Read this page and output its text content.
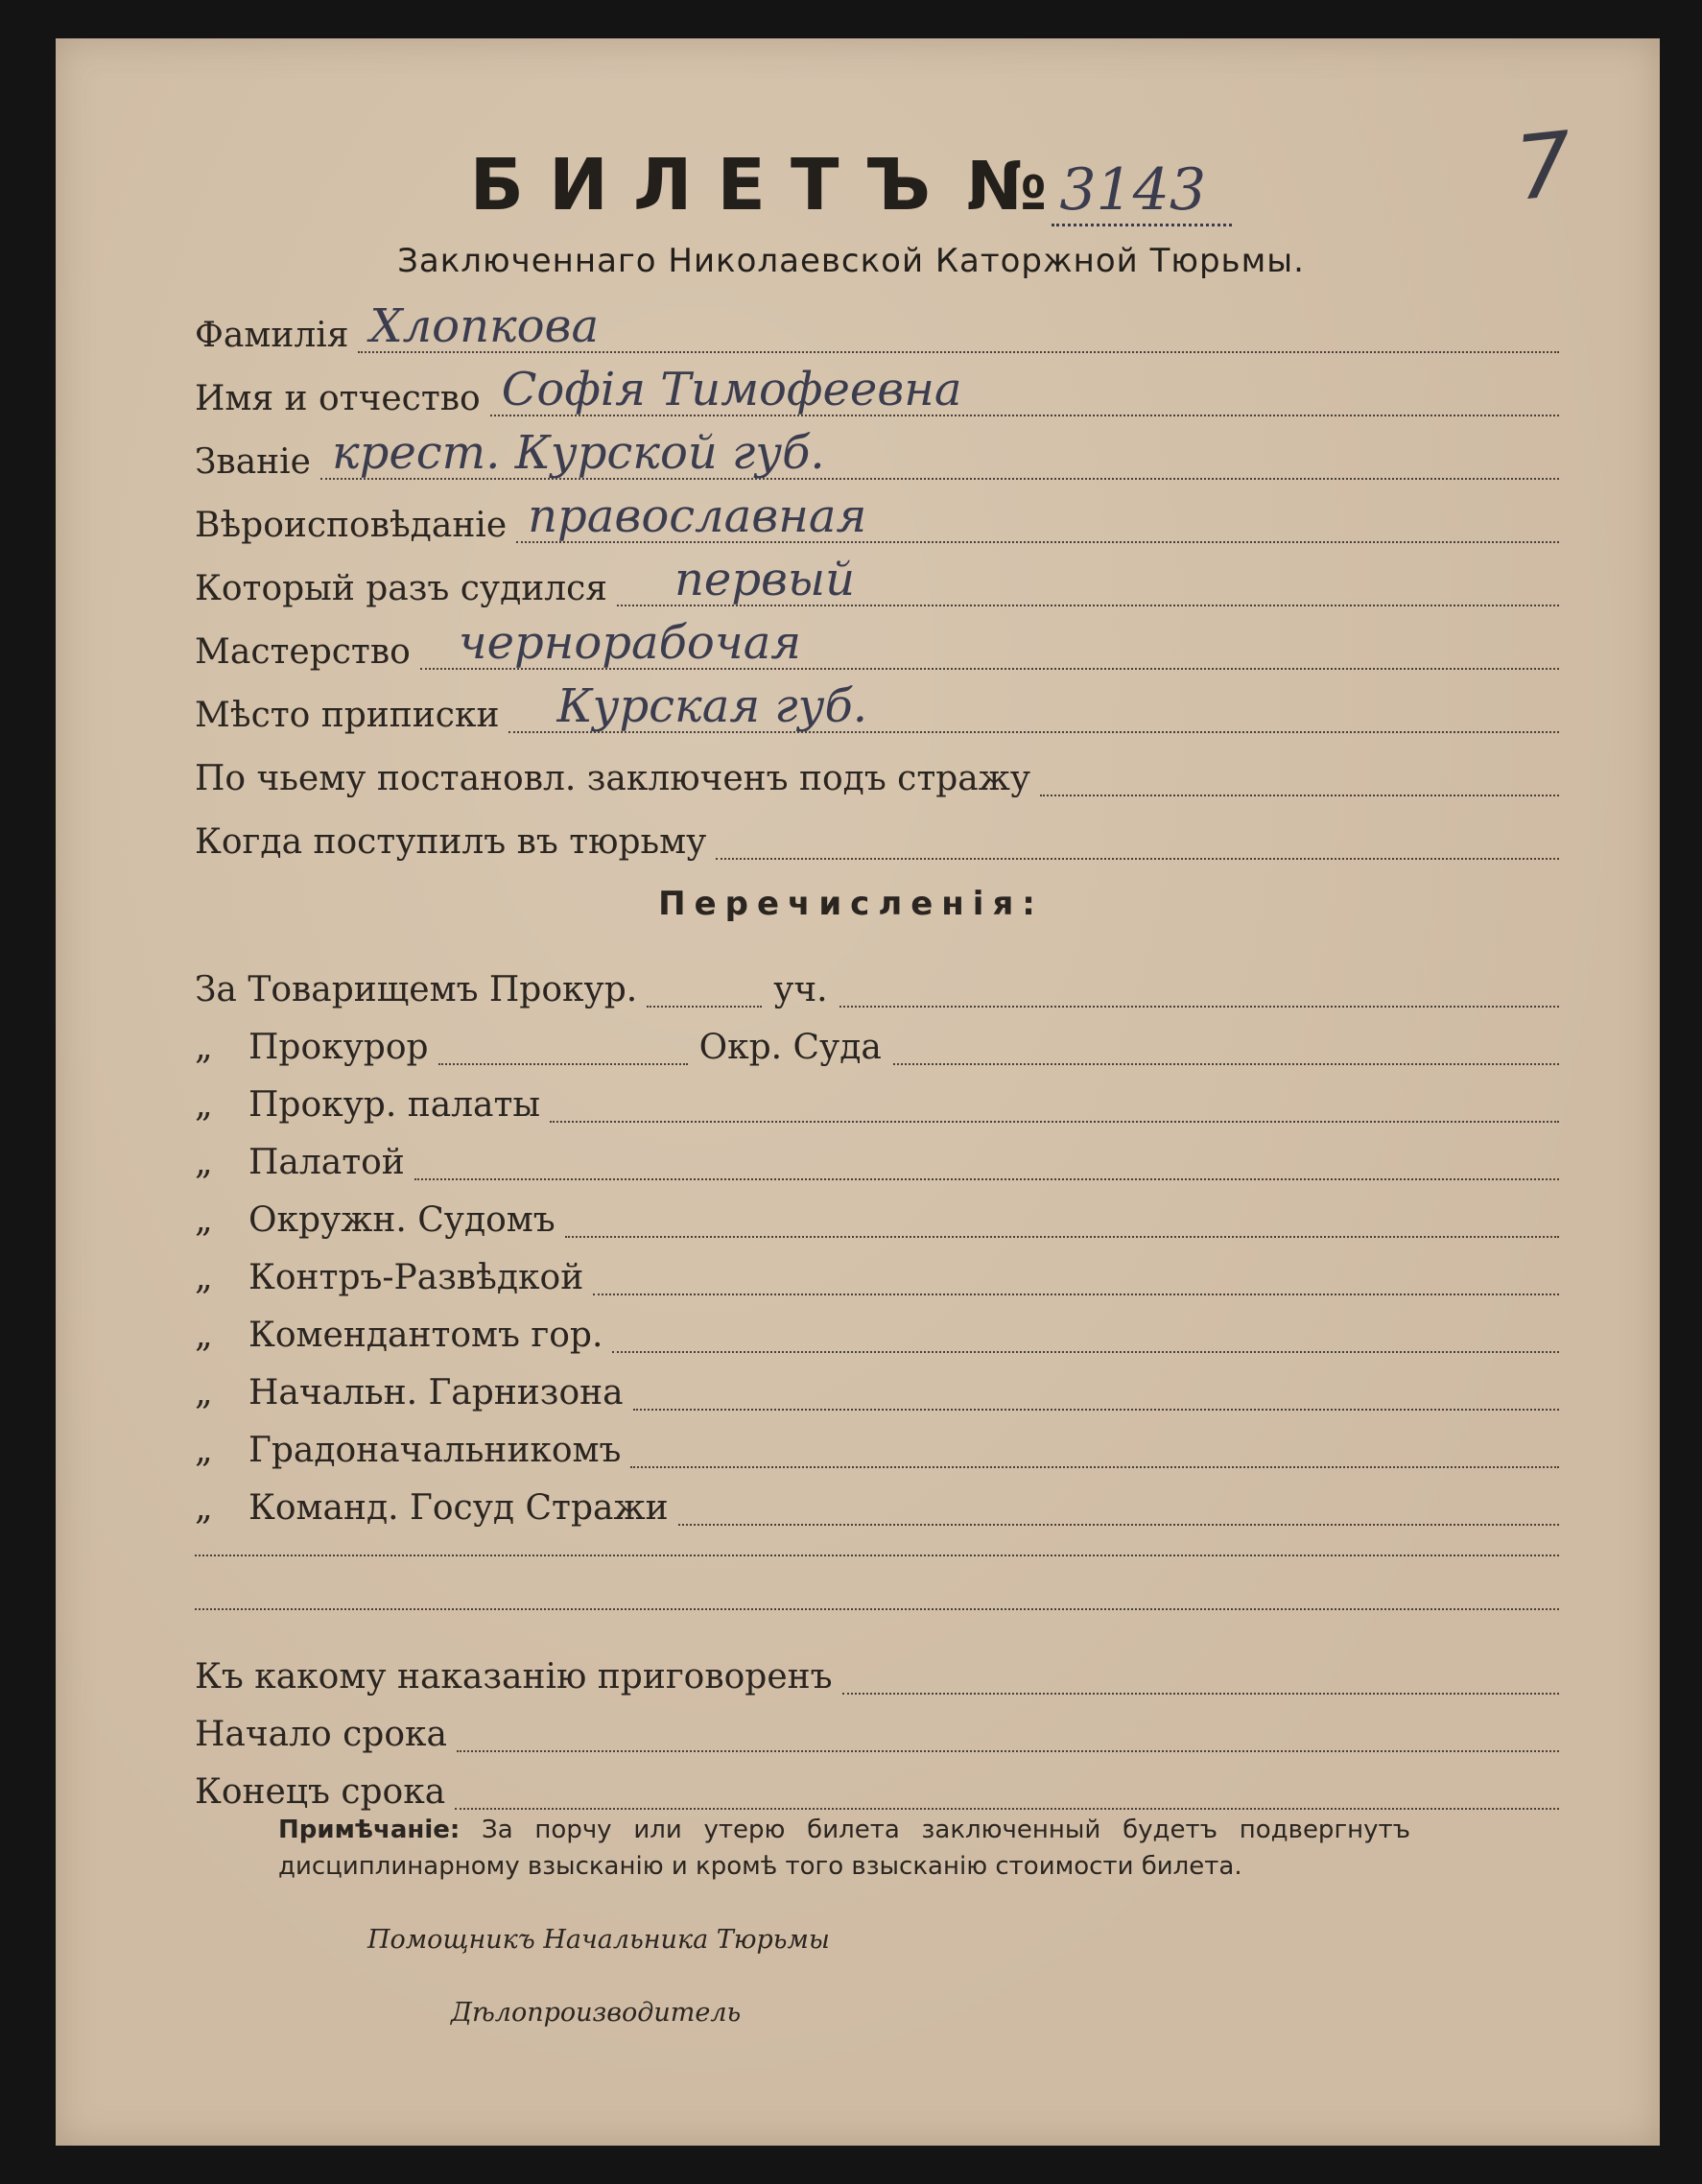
7
БИЛЕТЪ № 3143
Заключеннаго Николаевской Каторжной Тюрьмы.
Фамилія Хлопкова
Имя и отчество Софія Тимофеевна
Званіе крест. Курской губ.
Вѣроисповѣданіе православная
Который разъ судился первый
Мастерство чернорабочая
Мѣсто приписки Курская губ.
По чьему постановл. заключенъ подъ стражу
Когда поступилъ въ тюрьму
Перечисленія:
За Товарищемъ Прокур.	уч.
„	Прокурор	Окр. Суда
„	Прокур. палаты
„	Палатой
„	Окружн. Судомъ
„	Контръ-Развѣдкой
„	Комендантомъ гор.
„	Начальн. Гарнизона
„	Градоначальникомъ
„	Команд. Госуд Стражи
Къ какому наказанію приговоренъ
Начало срока
Конецъ срока
Примѣчаніе: За порчу или утерю билета заключенный будетъ подвергнутъ дисциплинарному взысканію и кромѣ того взысканію стоимости билета.
Помощникъ Начальника Тюрьмы
Дѣлопроизводитель
